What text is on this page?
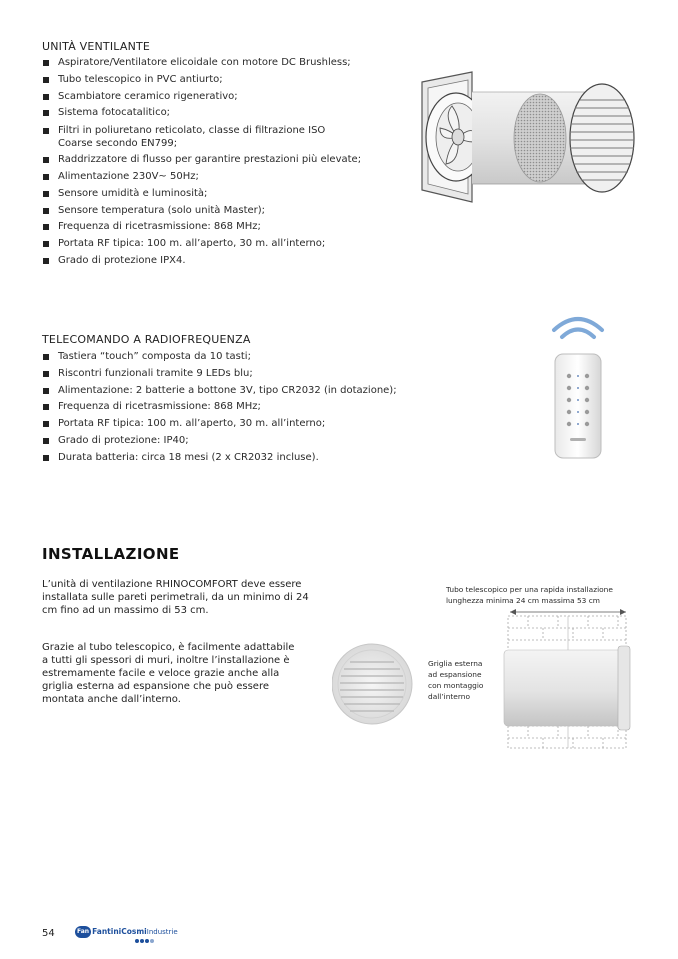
UNITÀ VENTILANTE
Aspiratore/Ventilatore elicoidale con motore DC Brushless;
Tubo telescopico in PVC antiurto;
Scambiatore ceramico rigenerativo;
Sistema fotocatalitico;
Filtri in poliuretano reticolato, classe di filtrazione ISO Coarse secondo EN799;
Raddrizzatore di flusso per garantire prestazioni più elevate;
Alimentazione 230V~ 50Hz;
Sensore umidità e luminosità;
Sensore temperatura (solo unità Master);
Frequenza di ricetrasmissione: 868 MHz;
Portata RF tipica: 100 m. all’aperto, 30 m. all’interno;
Grado di protezione IPX4.
TELECOMANDO A RADIOFREQUENZA
Tastiera “touch” composta da 10 tasti;
Riscontri funzionali tramite 9 LEDs blu;
Alimentazione: 2 batterie a bottone 3V, tipo CR2032 (in dotazione);
Frequenza di ricetrasmissione: 868 MHz;
Portata RF tipica: 100 m. all’aperto, 30 m. all’interno;
Grado di protezione: IP40;
Durata batteria: circa 18 mesi (2 x CR2032 incluse).
INSTALLAZIONE
L’unità di ventilazione RHINOCOMFORT deve essere installata sulle pareti perimetrali, da un minimo di 24 cm fino ad un massimo di 53 cm.
Grazie al tubo telescopico, è facilmente adattabile a tutti gli spessori di muri, inoltre l’installazione è estremamente facile e veloce grazie anche alla griglia esterna ad espansione che può essere montata anche dall’interno.
Tubo telescopico per una rapida installazione
lunghezza minima 24 cm massima 53 cm
Griglia esterna
ad espansione
con montaggio
dall’interno
54	Fan FantiniCosmi Industrie
